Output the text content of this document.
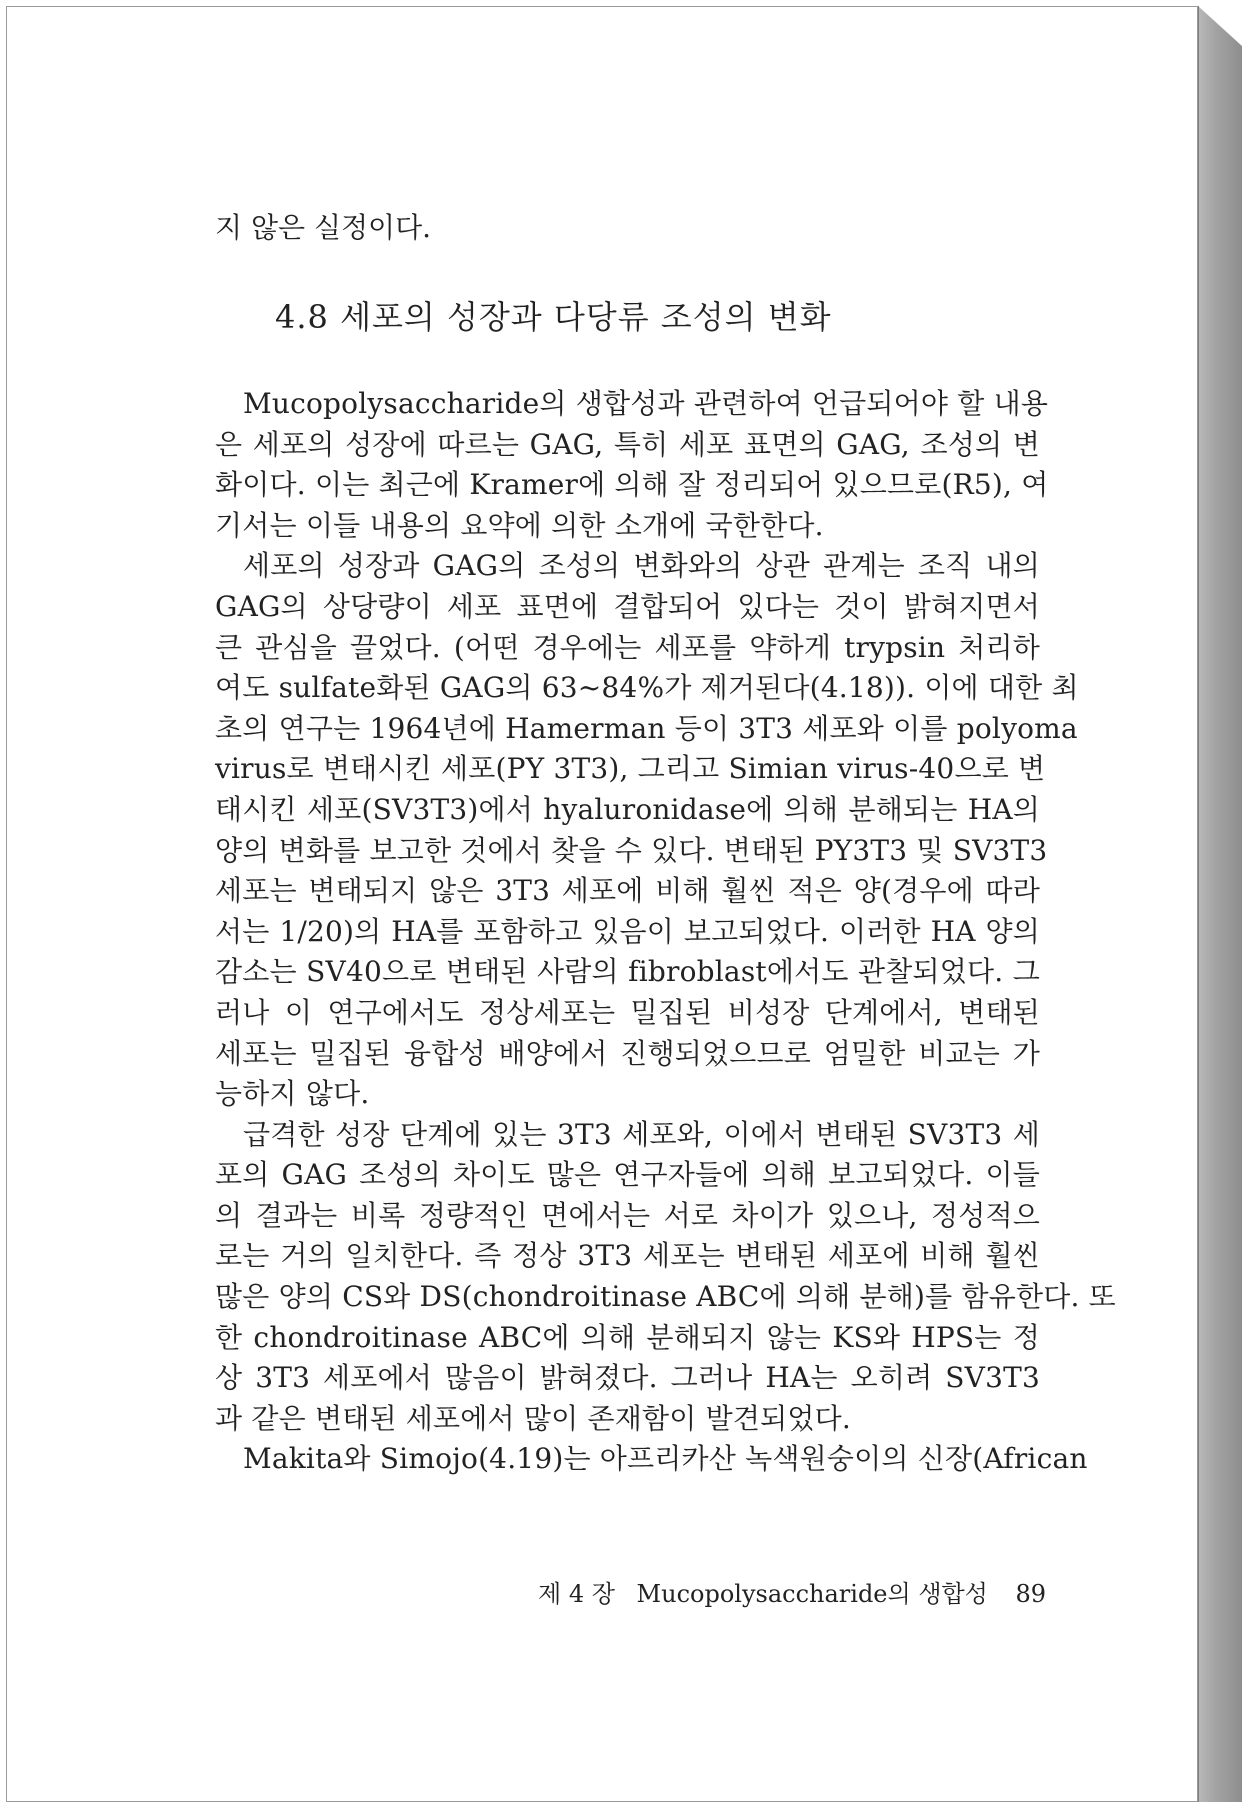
지 않은 실정이다.
4.8 세포의 성장과 다당류 조성의 변화
Mucopolysaccharide의 생합성과 관련하여 언급되어야 할 내용
은 세포의 성장에 따르는 GAG, 특히 세포 표면의 GAG, 조성의 변
화이다. 이는 최근에 Kramer에 의해 잘 정리되어 있으므로(R5), 여
기서는 이들 내용의 요약에 의한 소개에 국한한다.
세포의 성장과 GAG의 조성의 변화와의 상관 관계는 조직 내의
GAG의 상당량이 세포 표면에 결합되어 있다는 것이 밝혀지면서
큰 관심을 끌었다. (어떤 경우에는 세포를 약하게 trypsin 처리하
여도 sulfate화된 GAG의 63~84%가 제거된다(4.18)). 이에 대한 최
초의 연구는 1964년에 Hamerman 등이 3T3 세포와 이를 polyoma
virus로 변태시킨 세포(PY 3T3), 그리고 Simian virus-40으로 변
태시킨 세포(SV3T3)에서 hyaluronidase에 의해 분해되는 HA의
양의 변화를 보고한 것에서 찾을 수 있다. 변태된 PY3T3 및 SV3T3
세포는 변태되지 않은 3T3 세포에 비해 훨씬 적은 양(경우에 따라
서는 1/20)의 HA를 포함하고 있음이 보고되었다. 이러한 HA 양의
감소는 SV40으로 변태된 사람의 fibroblast에서도 관찰되었다. 그
러나 이 연구에서도 정상세포는 밀집된 비성장 단계에서, 변태된
세포는 밀집된 융합성 배양에서 진행되었으므로 엄밀한 비교는 가
능하지 않다.
급격한 성장 단계에 있는 3T3 세포와, 이에서 변태된 SV3T3 세
포의 GAG 조성의 차이도 많은 연구자들에 의해 보고되었다. 이들
의 결과는 비록 정량적인 면에서는 서로 차이가 있으나, 정성적으
로는 거의 일치한다. 즉 정상 3T3 세포는 변태된 세포에 비해 훨씬
많은 양의 CS와 DS(chondroitinase ABC에 의해 분해)를 함유한다. 또
한 chondroitinase ABC에 의해 분해되지 않는 KS와 HPS는 정
상 3T3 세포에서 많음이 밝혀졌다. 그러나 HA는 오히려 SV3T3
과 같은 변태된 세포에서 많이 존재함이 발견되었다.
Makita와 Simojo(4.19)는 아프리카산 녹색원숭이의 신장(African
제 4 장 Mucopolysaccharide의 생합성 89
